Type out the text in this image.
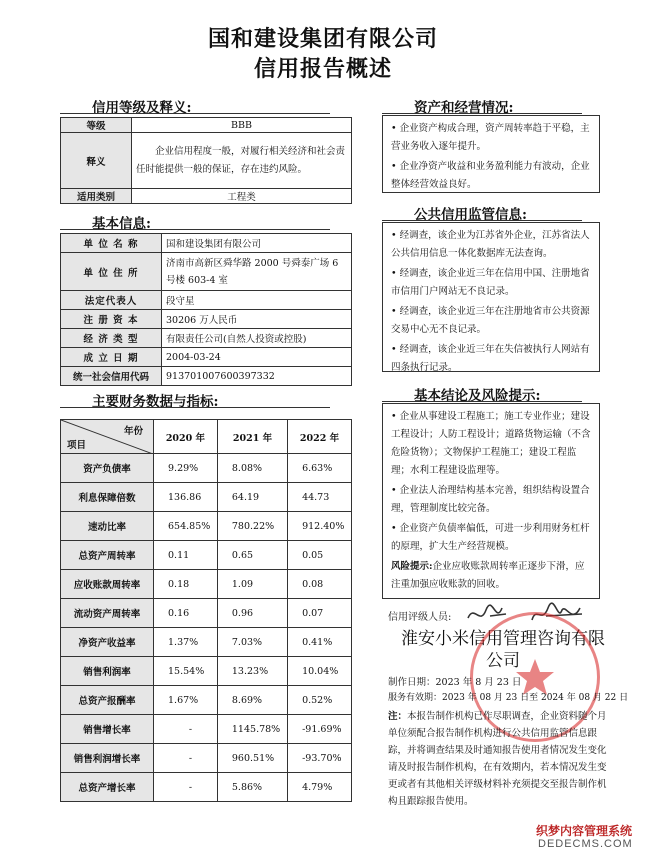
国和建设集团有限公司
信用报告概述
信用等级及释义:
等级	BBB
释义	企业信用程度一般，对履行相关经济和社会责任时能提供一般的保证，存在违约风险。
适用类别	工程类
基本信息:
单 位 名 称	国和建设集团有限公司
单 位 住 所	济南市高新区舜华路 2000 号舜泰广场 6 号楼 603-4 室
法定代表人	段守星
注 册 资 本	30206 万人民币
经 济 类 型	有限责任公司(自然人投资或控股)
成 立 日 期	2004-03-24
统一社会信用代码	913701007600397332
主要财务数据与指标:
年份
项目	2020 年	2021 年	2022 年
资产负债率	9.29%	8.08%	6.63%
利息保障倍数	136.86	64.19	44.73
速动比率	654.85%	780.22%	912.40%
总资产周转率	0.11	0.65	0.05
应收账款周转率	0.18	1.09	0.08
流动资产周转率	0.16	0.96	0.07
净资产收益率	1.37%	7.03%	0.41%
销售利润率	15.54%	13.23%	10.04%
总资产报酬率	1.67%	8.69%	0.52%
销售增长率	-	1145.78%	-91.69%
销售利润增长率	-	960.51%	-93.70%
总资产增长率	-	5.86%	4.79%
资产和经营情况:

• 企业资产构成合理，资产周转率趋于平稳，主营业务收入逐年提升。

• 企业净资产收益和业务盈利能力有波动，企业整体经营效益良好。

公共信用监管信息:

• 经调查，该企业为江苏省外企业，江苏省法人公共信用信息一体化数据库无法查询。

• 经调查，该企业近三年在信用中国、注册地省市信用门户网站无不良记录。

• 经调查，该企业近三年在注册地省市公共资源交易中心无不良记录。

• 经调查，该企业近三年在失信被执行人网站有四条执行记录。

基本结论及风险提示:

• 企业从事建设工程施工；施工专业作业；建设工程设计；人防工程设计；道路货物运输（不含危险货物）；文物保护工程施工；建设工程监理；水利工程建设监理等。

• 企业法人治理结构基本完善，组织结构设置合理，管理制度比较完备。

• 企业资产负债率偏低，可进一步利用财务杠杆的原理，扩大生产经营规模。

风险提示:企业应收账款周转率正逐步下滑，应注重加强应收账款的回收。

信用评级人员:
淮安小米信用管理咨询有限公司
制作日期：2023 年 8 月 23 日
服务有效期：2023 年 08 月 23 日至 2024 年 08 月 22 日
注：本报告制作机构已作尽职调查，企业资料随个月单位须配合报告制作机构进行公共信用监管信息跟踪，并将调查结果及时通知报告使用者情况发生变化请及时报告制作机构，在有效期内，若本情况发生变更或者有其他相关评级材料补充须提交至报告制作机构且跟踪报告使用。
织梦内容管理系统
DEDECMS.COM
